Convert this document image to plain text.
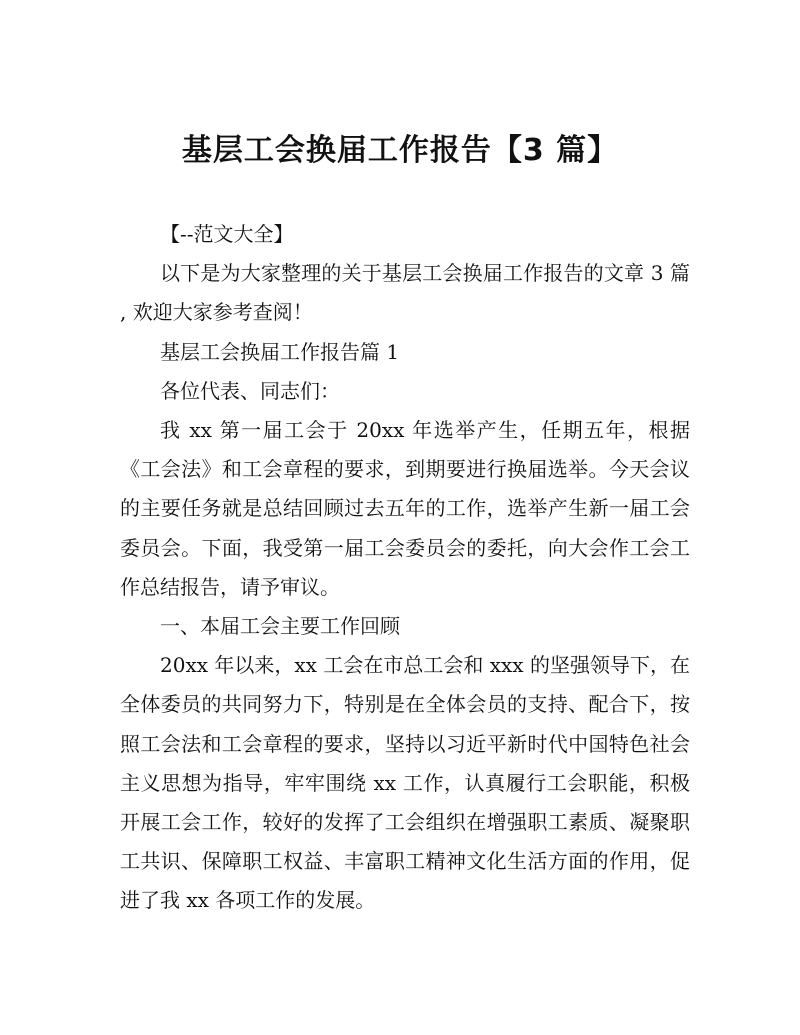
基层工会换届工作报告【3 篇】

【--范文大全】

以下是为大家整理的关于基层工会换届工作报告的文章 3 篇 , 欢迎大家参考查阅！

基层工会换届工作报告篇 1

各位代表、同志们：

我 xx 第一届工会于 20xx 年选举产生，任期五年，根据《工会法》和工会章程的要求，到期要进行换届选举。今天会议的主要任务就是总结回顾过去五年的工作，选举产生新一届工会委员会。下面，我受第一届工会委员会的委托，向大会作工会工作总结报告，请予审议。

一、本届工会主要工作回顾

20xx 年以来，xx 工会在市总工会和 xxx 的坚强领导下，在全体委员的共同努力下，特别是在全体会员的支持、配合下，按照工会法和工会章程的要求，坚持以习近平新时代中国特色社会主义思想为指导，牢牢围绕 xx 工作，认真履行工会职能，积极开展工会工作，较好的发挥了工会组织在增强职工素质、凝聚职工共识、保障职工权益、丰富职工精神文化生活方面的作用，促进了我 xx 各项工作的发展。
